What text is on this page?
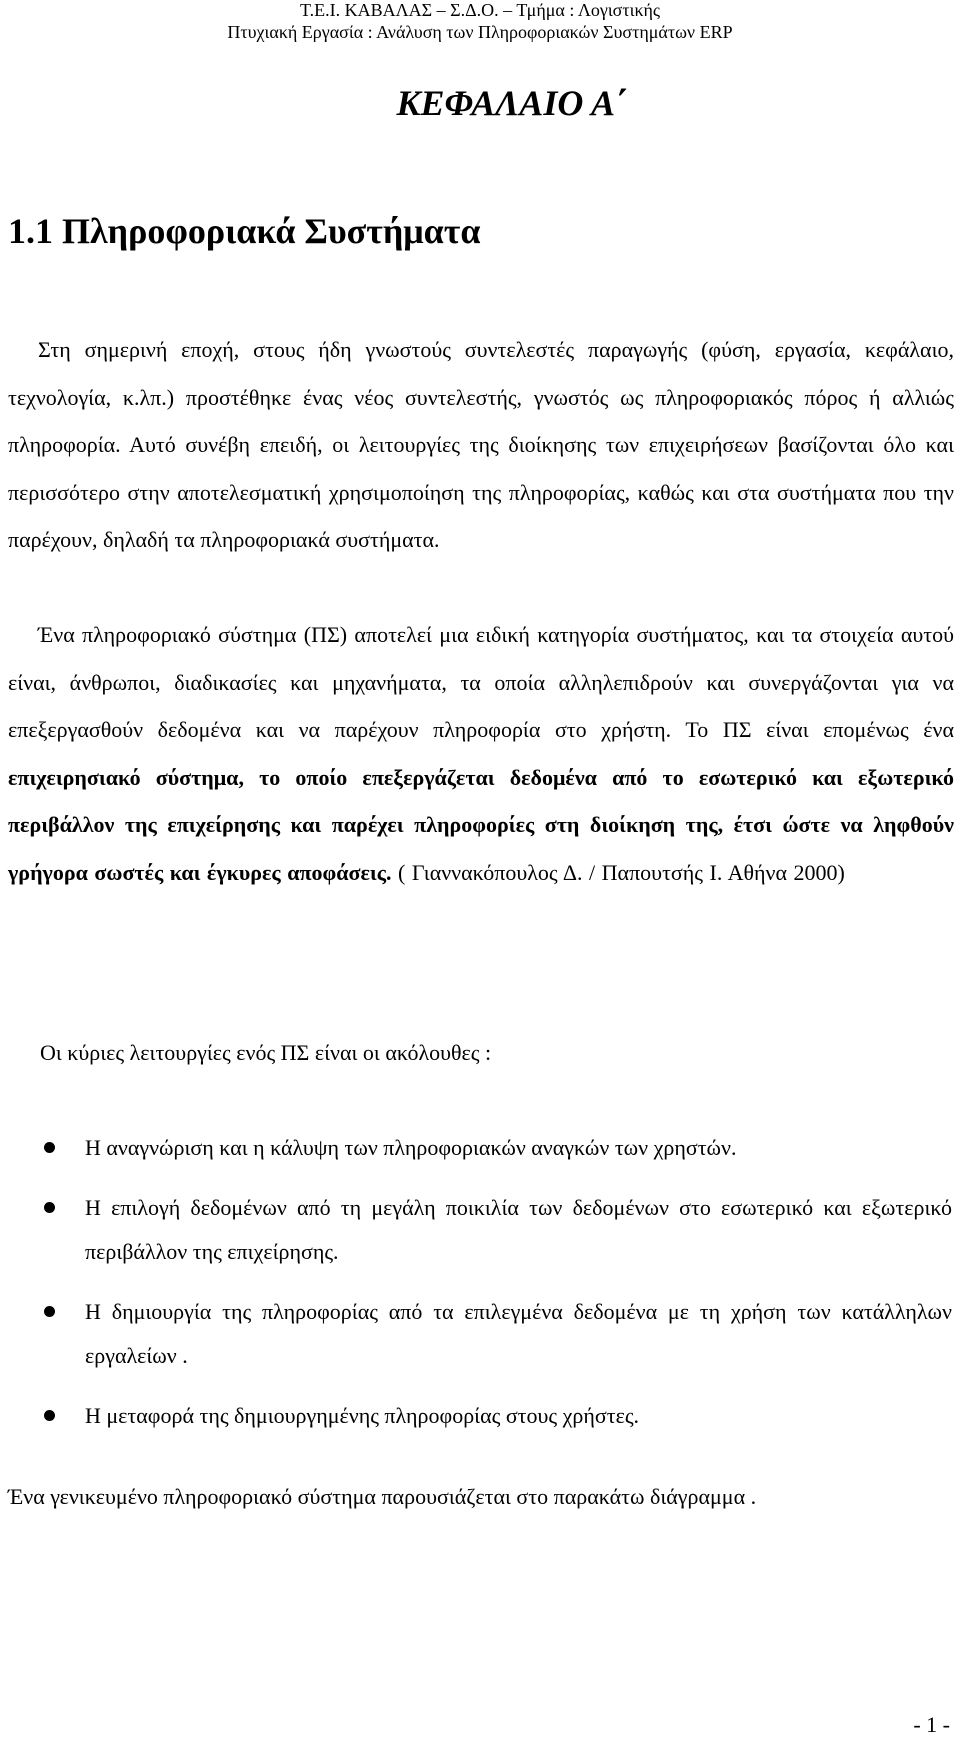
Τ.Ε.Ι. ΚΑΒΑΛΑΣ – Σ.Δ.Ο. – Τμήμα : Λογιστικής
Πτυχιακή Εργασία : Ανάλυση των Πληροφοριακών Συστημάτων ERP
ΚΕΦΑΛΑΙΟ Α΄
1.1 Πληροφοριακά Συστήματα

Στη σημερινή εποχή, στους ήδη γνωστούς συντελεστές παραγωγής (φύση, εργασία, κεφάλαιο, τεχνολογία, κ.λπ.) προστέθηκε ένας νέος συντελεστής, γνωστός ως πληροφοριακός πόρος ή αλλιώς πληροφορία. Αυτό συνέβη επειδή, οι λειτουργίες της διοίκησης των επιχειρήσεων βασίζονται όλο και περισσότερο στην αποτελεσματική χρησιμοποίηση της πληροφορίας, καθώς και στα συστήματα που την παρέχουν, δηλαδή τα πληροφοριακά συστήματα.

Ένα πληροφοριακό σύστημα (ΠΣ) αποτελεί μια ειδική κατηγορία συστήματος, και τα στοιχεία αυτού είναι, άνθρωποι, διαδικασίες και μηχανήματα, τα οποία αλληλεπιδρούν και συνεργάζονται για να επεξεργασθούν δεδομένα και να παρέχουν πληροφορία στο χρήστη. Το ΠΣ είναι επομένως ένα επιχειρησιακό σύστημα, το οποίο επεξεργάζεται δεδομένα από το εσωτερικό και εξωτερικό περιβάλλον της επιχείρησης και παρέχει πληροφορίες στη διοίκηση της, έτσι ώστε να ληφθούν γρήγορα σωστές και έγκυρες αποφάσεις. ( Γιαννακόπουλος Δ. / Παπουτσής Ι. Αθήνα 2000)

Οι κύριες λειτουργίες ενός ΠΣ είναι οι ακόλουθες :

Η αναγνώριση και η κάλυψη των πληροφοριακών αναγκών των χρηστών.
Η επιλογή δεδομένων από τη μεγάλη ποικιλία των δεδομένων στο εσωτερικό και εξωτερικό περιβάλλον της επιχείρησης.
Η δημιουργία της πληροφορίας από τα επιλεγμένα δεδομένα με τη χρήση των κατάλληλων εργαλείων .
Η μεταφορά της δημιουργημένης πληροφορίας στους χρήστες.

Ένα γενικευμένο πληροφοριακό σύστημα παρουσιάζεται στο παρακάτω διάγραμμα .

- 1 -
